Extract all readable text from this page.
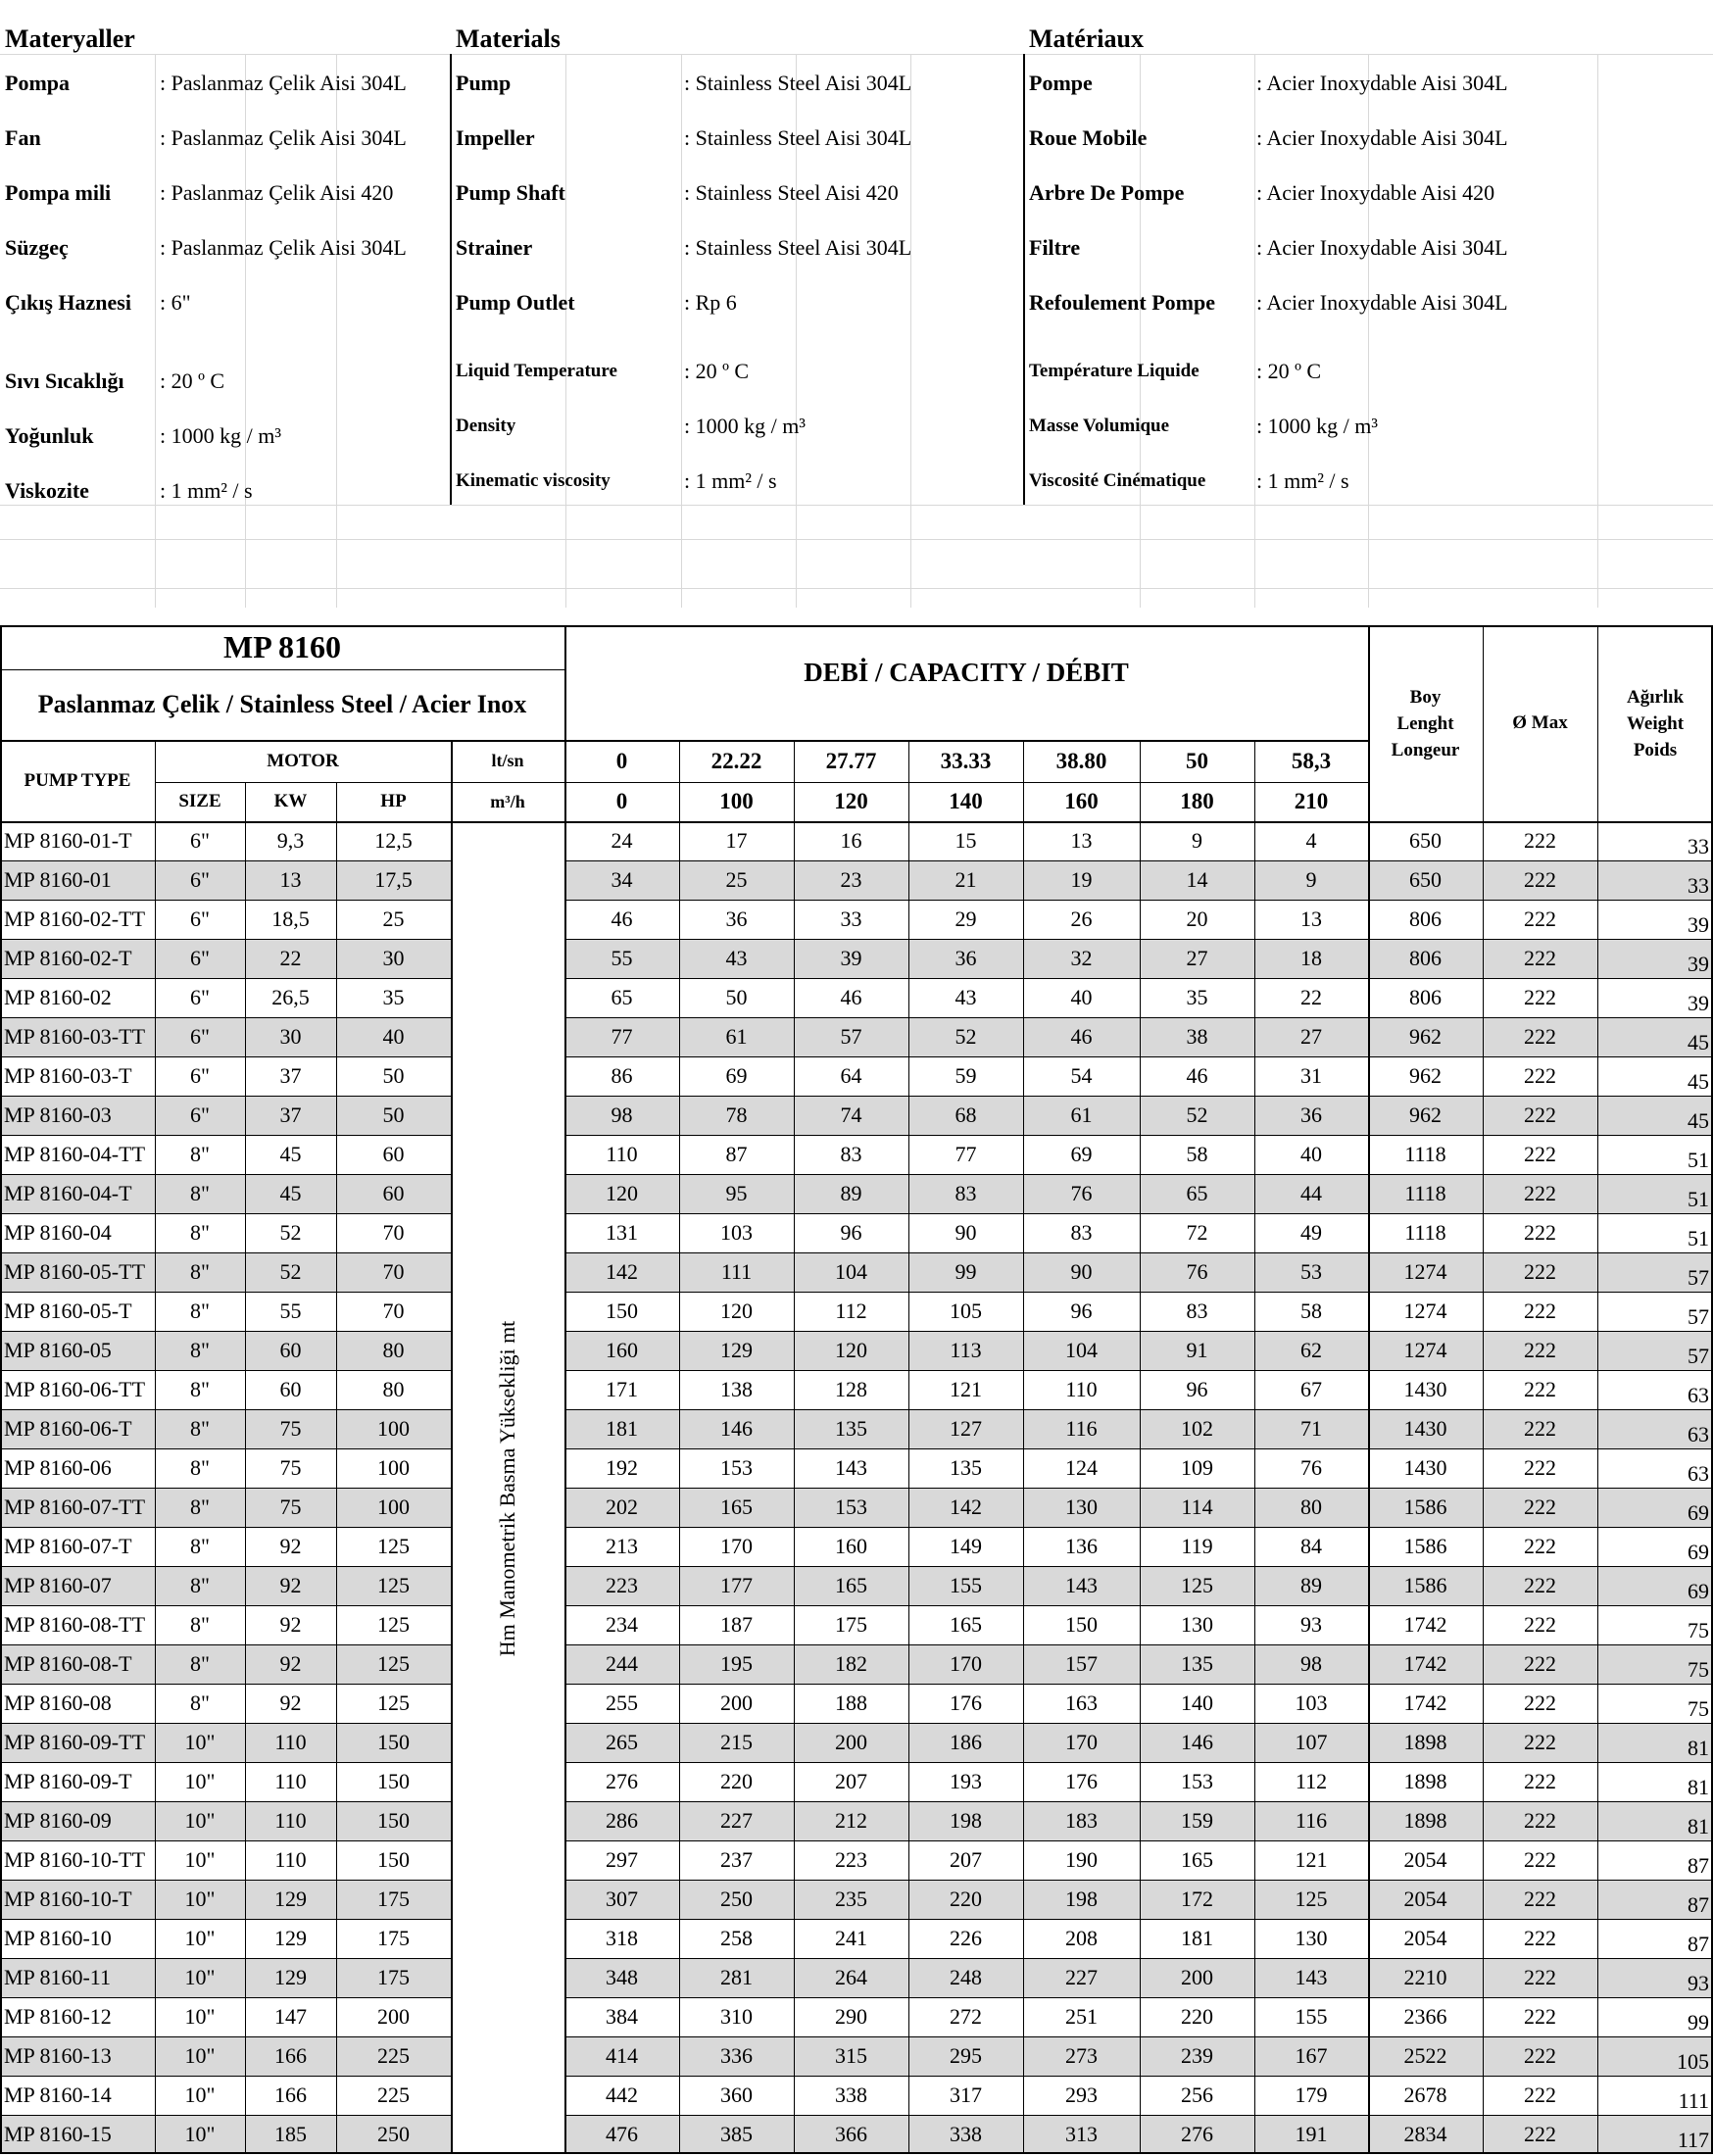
Materyaller
Pompa	: Paslanmaz Çelik Aisi 304L
Fan	: Paslanmaz Çelik Aisi 304L
Pompa mili : Paslanmaz Çelik Aisi 420
Süzgeç	: Paslanmaz Çelik Aisi 304L
Çıkış Haznesi : 6"
Sıvı Sıcaklığı : 20 º C
Yoğunluk	: 1000 kg / m³
Viskozite	: 1 mm² / s
Materials
Pump	: Stainless Steel Aisi 304L
Impeller	: Stainless Steel Aisi 304L
Pump Shaft	: Stainless Steel Aisi 420
Strainer	: Stainless Steel Aisi 304L
Pump Outlet	: Rp 6
Liquid Temperature	: 20 º C
Density	: 1000 kg / m³
Kinematic viscosity	: 1 mm² / s
Matériaux
Pompe	: Acier Inoxydable Aisi 304L
Roue Mobile	: Acier Inoxydable Aisi 304L
Arbre De Pompe	: Acier Inoxydable Aisi 420
Filtre	: Acier Inoxydable Aisi 304L
Refoulement Pompe : Acier Inoxydable Aisi 304L
Température Liquide	: 20 º C
Masse Volumique	: 1000 kg / m³
Viscosité Cinématique : 1 mm² / s
MP 8160
Paslanmaz Çelik / Stainless Steel / Acier Inox
DEBİ / CAPACITY / DÉBIT
Boy
Lenght
Longeur
Ø Max
Ağırlık
Weight
Poids
PUMP TYPE
MOTOR
SIZE	KW	HP
lt/sn
m³/h
0	22.22	27.77	33.33	38.80	50	58,3
0	100	120	140	160	180	210
MP 8160-01-T	6"	9,3	12,5	24	17	16	15	13	9	4	650	222	33
MP 8160-01	6"	13	17,5	34	25	23	21	19	14	9	650	222	33
MP 8160-02-TT	6"	18,5	25	46	36	33	29	26	20	13	806	222	39
MP 8160-02-T	6"	22	30	55	43	39	36	32	27	18	806	222	39
MP 8160-02	6"	26,5	35	65	50	46	43	40	35	22	806	222	39
MP 8160-03-TT	6"	30	40	77	61	57	52	46	38	27	962	222	45
MP 8160-03-T	6"	37	50	86	69	64	59	54	46	31	962	222	45
MP 8160-03	6"	37	50	98	78	74	68	61	52	36	962	222	45
MP 8160-04-TT	8"	45	60	110	87	83	77	69	58	40	1118	222	51
MP 8160-04-T	8"	45	60	120	95	89	83	76	65	44	1118	222	51
MP 8160-04	8"	52	70	131	103	96	90	83	72	49	1118	222	51
MP 8160-05-TT	8"	52	70	142	111	104	99	90	76	53	1274	222	57
MP 8160-05-T	8"	55	70	150	120	112	105	96	83	58	1274	222	57
MP 8160-05	8"	60	80	160	129	120	113	104	91	62	1274	222	57
MP 8160-06-TT	8"	60	80	171	138	128	121	110	96	67	1430	222	63
MP 8160-06-T	8"	75	100	181	146	135	127	116	102	71	1430	222	63
MP 8160-06	8"	75	100	192	153	143	135	124	109	76	1430	222	63
MP 8160-07-TT	8"	75	100	202	165	153	142	130	114	80	1586	222	69
MP 8160-07-T	8"	92	125	213	170	160	149	136	119	84	1586	222	69
MP 8160-07	8"	92	125	223	177	165	155	143	125	89	1586	222	69
MP 8160-08-TT	8"	92	125	234	187	175	165	150	130	93	1742	222	75
MP 8160-08-T	8"	92	125	244	195	182	170	157	135	98	1742	222	75
MP 8160-08	8"	92	125	255	200	188	176	163	140	103	1742	222	75
MP 8160-09-TT	10"	110	150	265	215	200	186	170	146	107	1898	222	81
MP 8160-09-T	10"	110	150	276	220	207	193	176	153	112	1898	222	81
MP 8160-09	10"	110	150	286	227	212	198	183	159	116	1898	222	81
MP 8160-10-TT	10"	110	150	297	237	223	207	190	165	121	2054	222	87
MP 8160-10-T	10"	129	175	307	250	235	220	198	172	125	2054	222	87
MP 8160-10	10"	129	175	318	258	241	226	208	181	130	2054	222	87
MP 8160-11	10"	129	175	348	281	264	248	227	200	143	2210	222	93
MP 8160-12	10"	147	200	384	310	290	272	251	220	155	2366	222	99
MP 8160-13	10"	166	225	414	336	315	295	273	239	167	2522	222	105
MP 8160-14	10"	166	225	442	360	338	317	293	256	179	2678	222	111
MP 8160-15	10"	185	250	476	385	366	338	313	276	191	2834	222	117
Hm Manometrik Basma Yüksekliği mt
